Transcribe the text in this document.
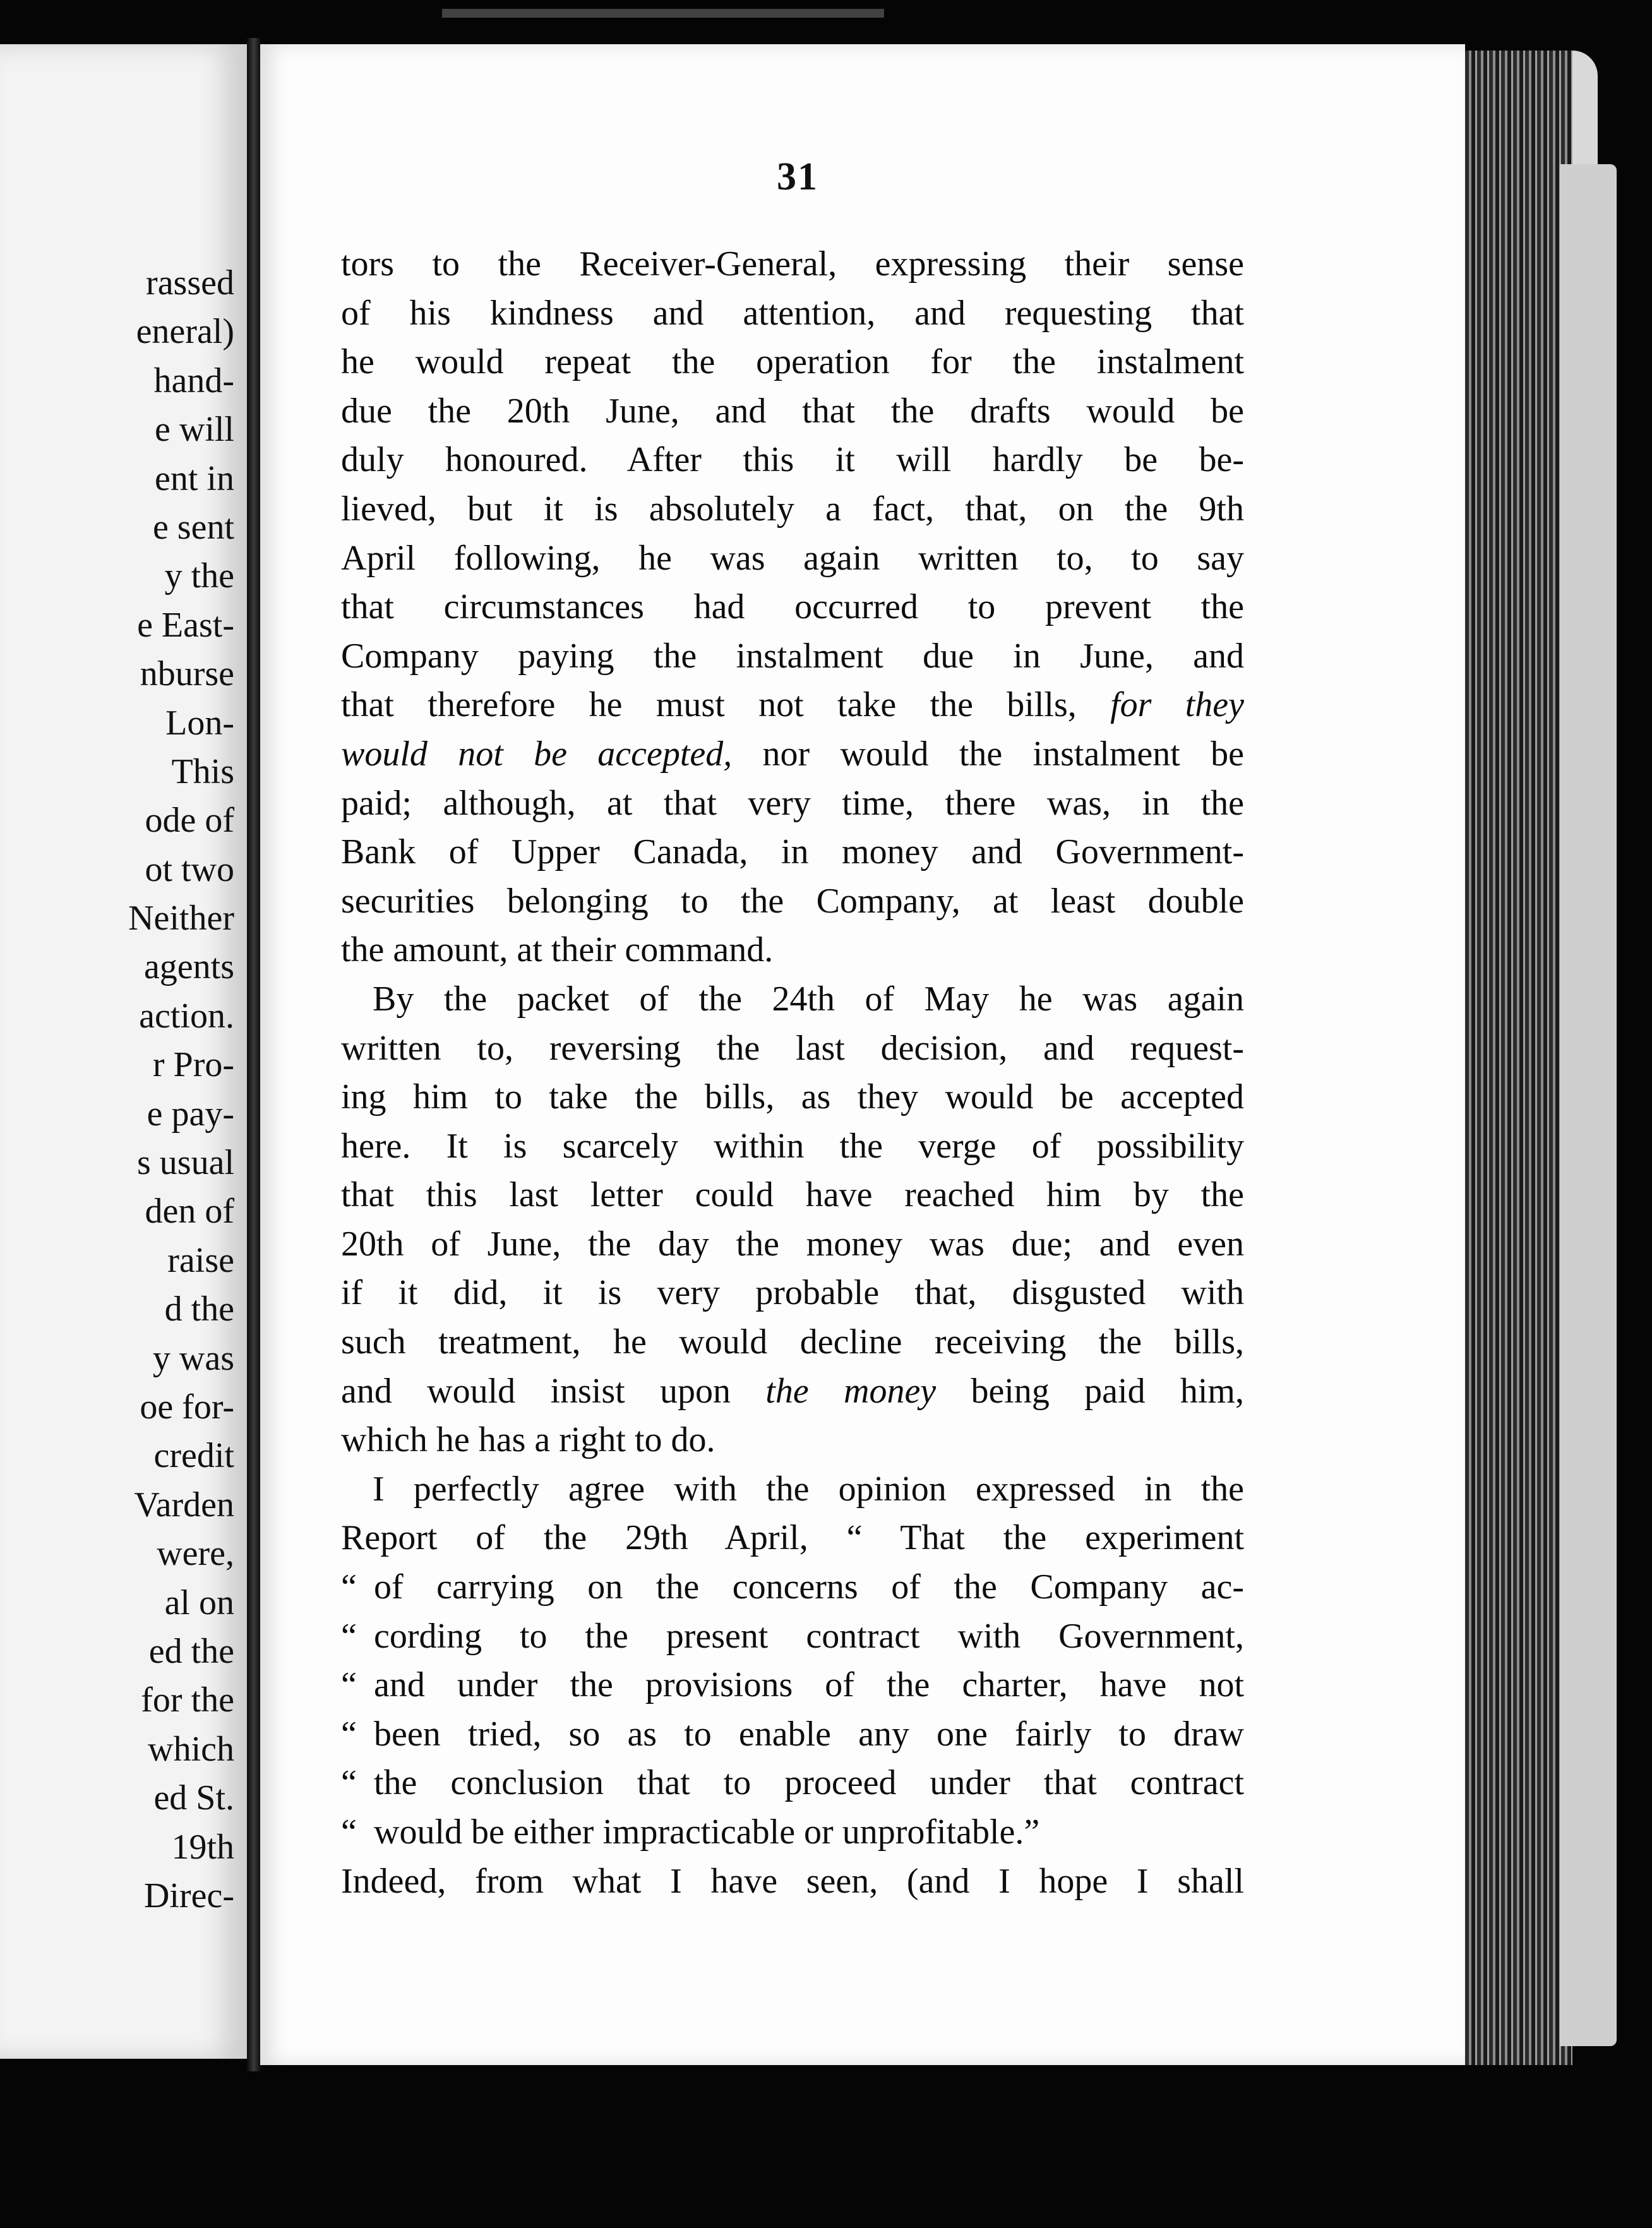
rassed
eneral)
hand-
e will
ent in
e sent
y the
e East-
nburse
Lon-
This
ode of
ot two
Neither
agents
action.
r Pro-
e pay-
s usual
den of
raise
d the
y was
oe for-
credit
Varden
were,
al on
ed the
for the
which
ed St.
19th
Direc-
31
tors to the Receiver-General, expressing their sense
of his kindness and attention, and requesting that
he would repeat the operation for the instalment
due the 20th June, and that the drafts would be
duly honoured. After this it will hardly be be-
lieved, but it is absolutely a fact, that, on the 9th
April following, he was again written to, to say
that circumstances had occurred to prevent the
Company paying the instalment due in June, and
that therefore he must not take the bills, for they
would not be accepted, nor would the instalment be
paid; although, at that very time, there was, in the
Bank of Upper Canada, in money and Government-
securities belonging to the Company, at least double
the amount, at their command.
By the packet of the 24th of May he was again
written to, reversing the last decision, and request-
ing him to take the bills, as they would be accepted
here. It is scarcely within the verge of possibility
that this last letter could have reached him by the
20th of June, the day the money was due; and even
if it did, it is very probable that, disgusted with
such treatment, he would decline receiving the bills,
and would insist upon the money being paid him,
which he has a right to do.
I perfectly agree with the opinion expressed in the
Report of the 29th April, “ That the experiment
“ of carrying on the concerns of the Company ac-
“ cording to the present contract with Government,
“ and under the provisions of the charter, have not
“ been tried, so as to enable any one fairly to draw
“ the conclusion that to proceed under that contract
“ would be either impracticable or unprofitable.”
Indeed, from what I have seen, (and I hope I shall
